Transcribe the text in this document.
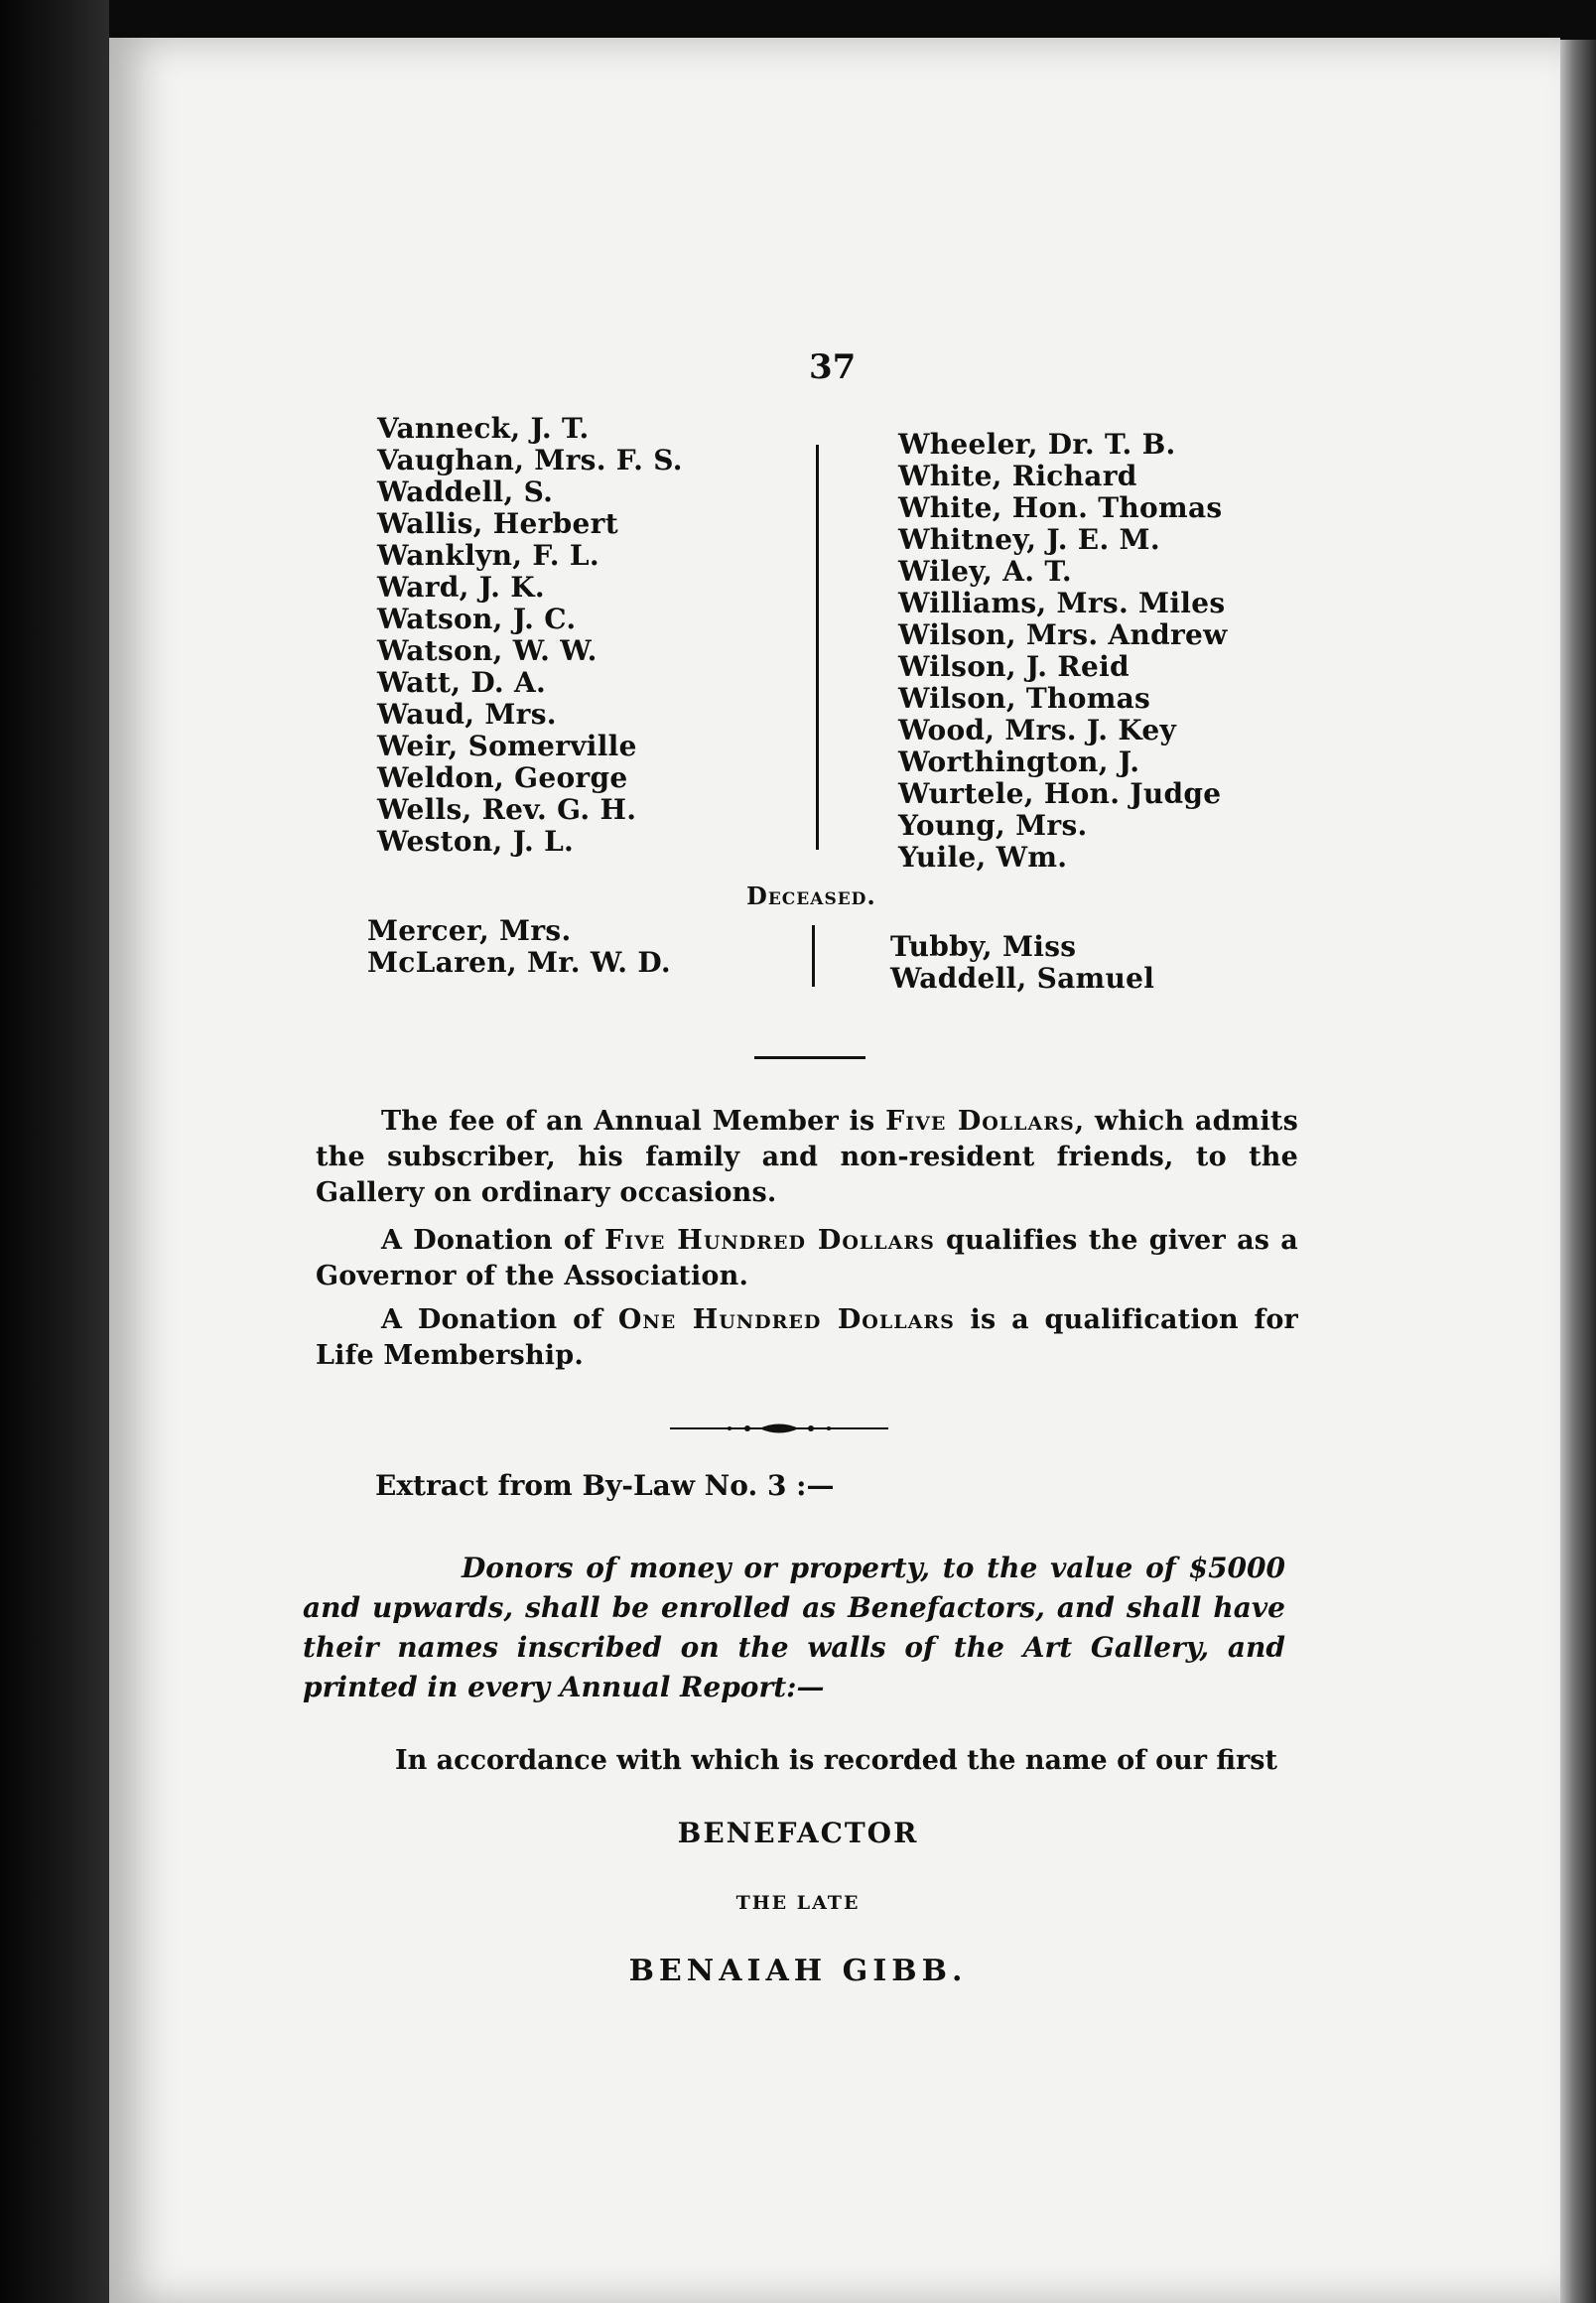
37
Vanneck, J. T.
Vaughan, Mrs. F. S.
Waddell, S.
Wallis, Herbert
Wanklyn, F. L.
Ward, J. K.
Watson, J. C.
Watson, W. W.
Watt, D. A.
Waud, Mrs.
Weir, Somerville
Weldon, George
Wells, Rev. G. H.
Weston, J. L.
Wheeler, Dr. T. B.
White, Richard
White, Hon. Thomas
Whitney, J. E. M.
Wiley, A. T.
Williams, Mrs. Miles
Wilson, Mrs. Andrew
Wilson, J. Reid
Wilson, Thomas
Wood, Mrs. J. Key
Worthington, J.
Wurtele, Hon. Judge
Young, Mrs.
Yuile, Wm.
Deceased.
Mercer, Mrs.
McLaren, Mr. W. D.	Tubby, Miss
Waddell, Samuel
The fee of an Annual Member is Five Dollars, which admits the subscriber, his family and non-resident friends, to the Gallery on ordinary occasions.
A Donation of Five Hundred Dollars qualifies the giver as a Governor of the Association.
A Donation of One Hundred Dollars is a qualification for Life Membership.
Extract from By-Law No. 3 :—
Donors of money or property, to the value of $5000 and upwards, shall be enrolled as Benefactors, and shall have their names inscribed on the walls of the Art Gallery, and printed in every Annual Report:—
In accordance with which is recorded the name of our first
BENEFACTOR
THE LATE
BENAIAH GIBB.
